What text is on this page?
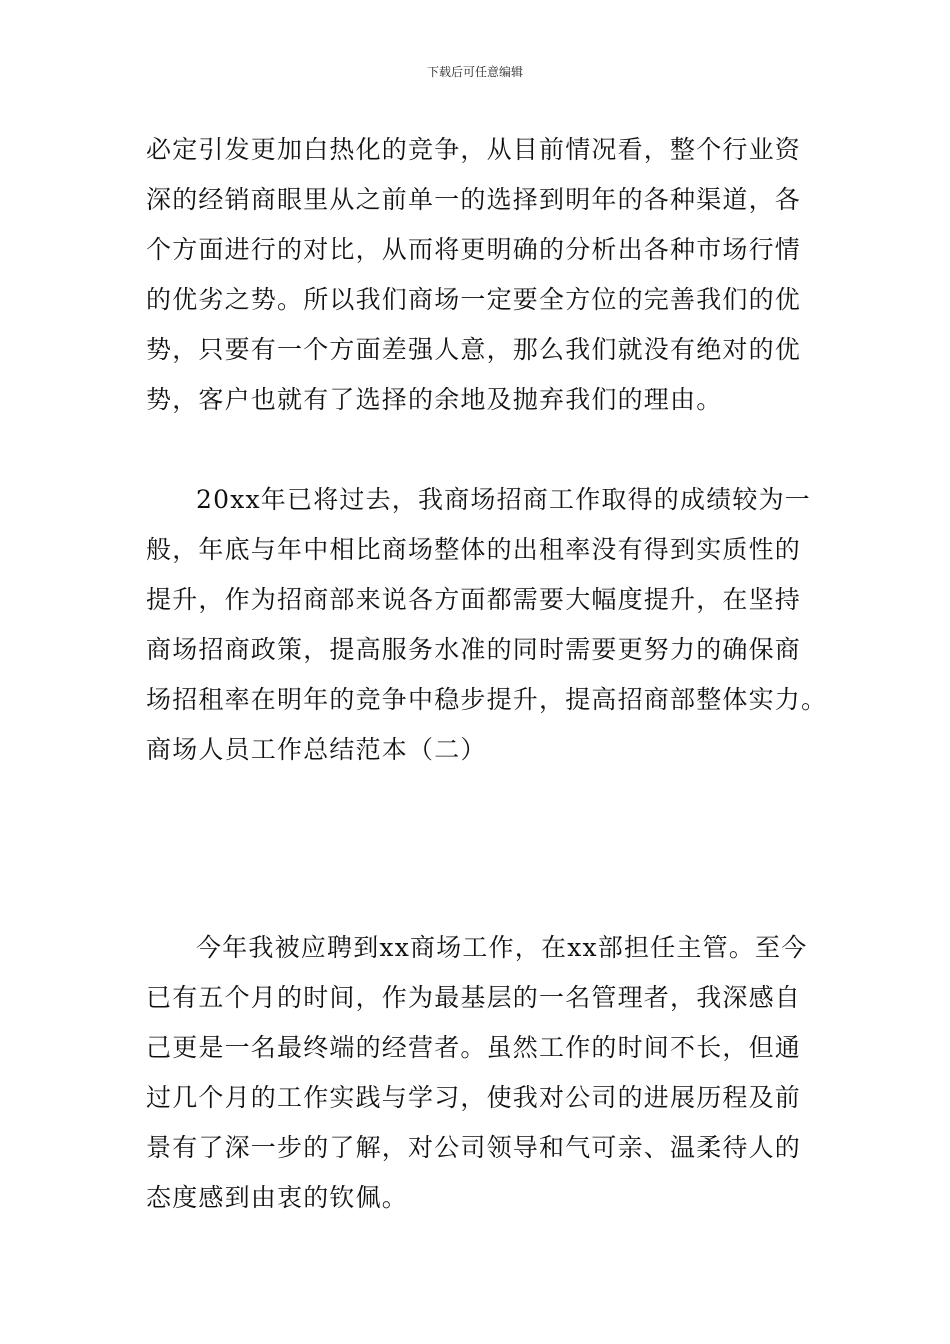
下载后可任意编辑
必定引发更加白热化的竞争，从目前情况看，整个行业资
深的经销商眼里从之前单一的选择到明年的各种渠道，各
个方面进行的对比，从而将更明确的分析出各种市场行情
的优劣之势。所以我们商场一定要全方位的完善我们的优
势，只要有一个方面差强人意，那么我们就没有绝对的优
势，客户也就有了选择的余地及抛弃我们的理由。
20xx年已将过去，我商场招商工作取得的成绩较为一
般，年底与年中相比商场整体的出租率没有得到实质性的
提升，作为招商部来说各方面都需要大幅度提升，在坚持
商场招商政策，提高服务水准的同时需要更努力的确保商
场招租率在明年的竞争中稳步提升，提高招商部整体实力。
商场人员工作总结范本（二）
今年我被应聘到xx商场工作，在xx部担任主管。至今
已有五个月的时间，作为最基层的一名管理者，我深感自
己更是一名最终端的经营者。虽然工作的时间不长，但通
过几个月的工作实践与学习，使我对公司的进展历程及前
景有了深一步的了解，对公司领导和气可亲、温柔待人的
态度感到由衷的钦佩。
